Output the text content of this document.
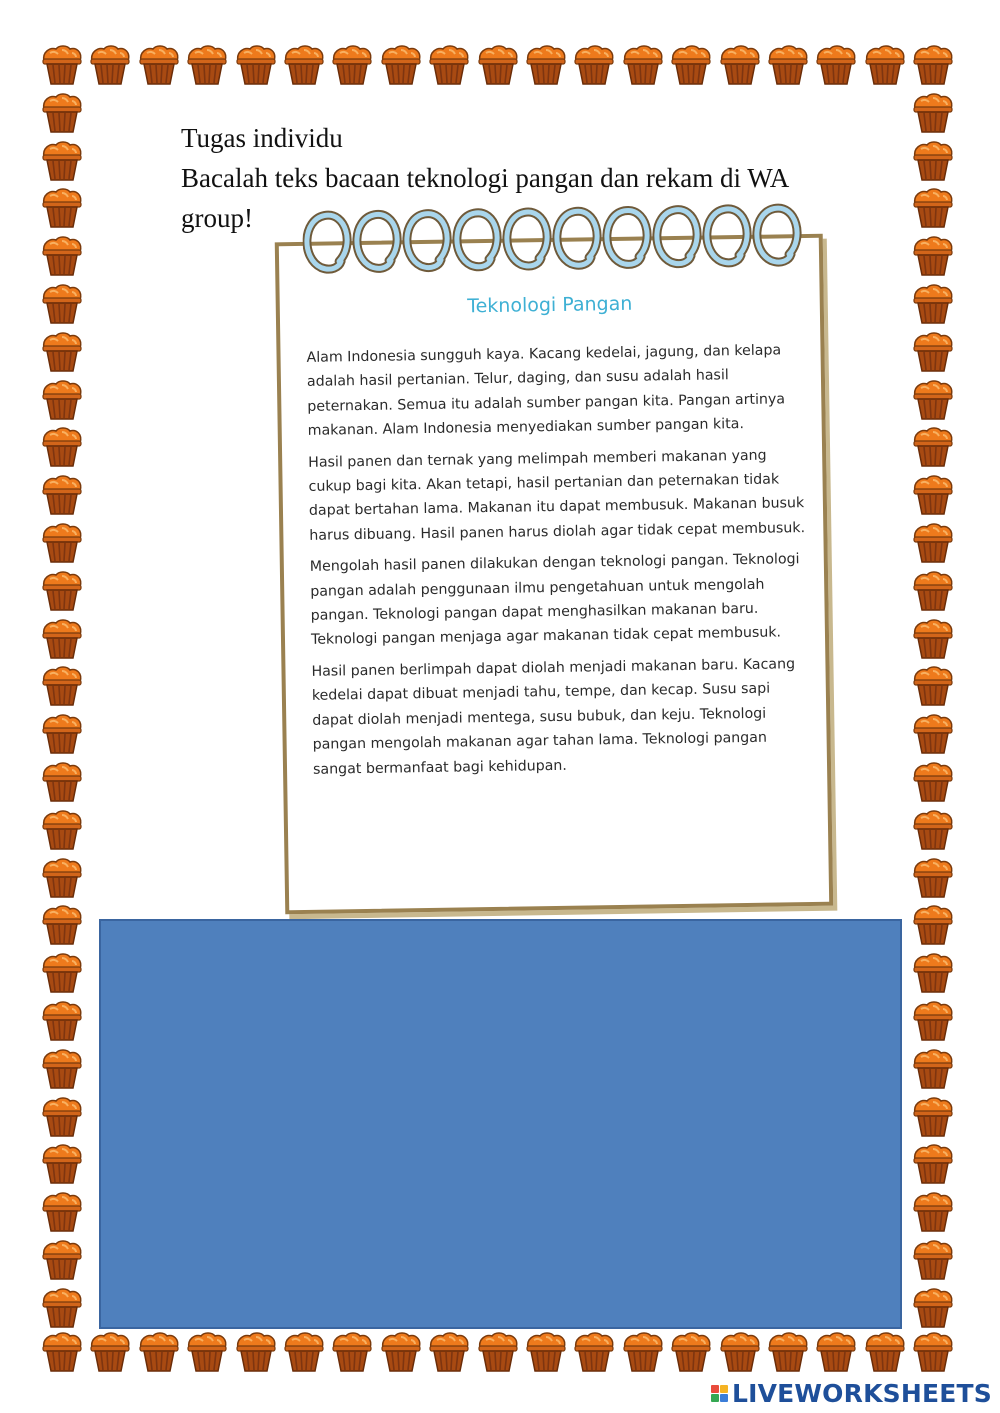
Tugas individu
Bacalah teks bacaan teknologi pangan dan rekam di WA
group!
Teknologi Pangan

Alam Indonesia sungguh kaya. Kacang kedelai, jagung, dan kelapa adalah hasil pertanian. Telur, daging, dan susu adalah hasil peternakan. Semua itu adalah sumber pangan kita. Pangan artinya makanan. Alam Indonesia menyediakan sumber pangan kita.

Hasil panen dan ternak yang melimpah memberi makanan yang cukup bagi kita. Akan tetapi, hasil pertanian dan peternakan tidak dapat bertahan lama. Makanan itu dapat membusuk. Makanan busuk harus dibuang. Hasil panen harus diolah agar tidak cepat membusuk.

Mengolah hasil panen dilakukan dengan teknologi pangan. Teknologi pangan adalah penggunaan ilmu pengetahuan untuk mengolah pangan. Teknologi pangan dapat menghasilkan makanan baru. Teknologi pangan menjaga agar makanan tidak cepat membusuk.

Hasil panen berlimpah dapat diolah menjadi makanan baru. Kacang kedelai dapat dibuat menjadi tahu, tempe, dan kecap. Susu sapi dapat diolah menjadi mentega, susu bubuk, dan keju. Teknologi pangan mengolah makanan agar tahan lama. Teknologi pangan sangat bermanfaat bagi kehidupan.

LIVEWORKSHEETS
